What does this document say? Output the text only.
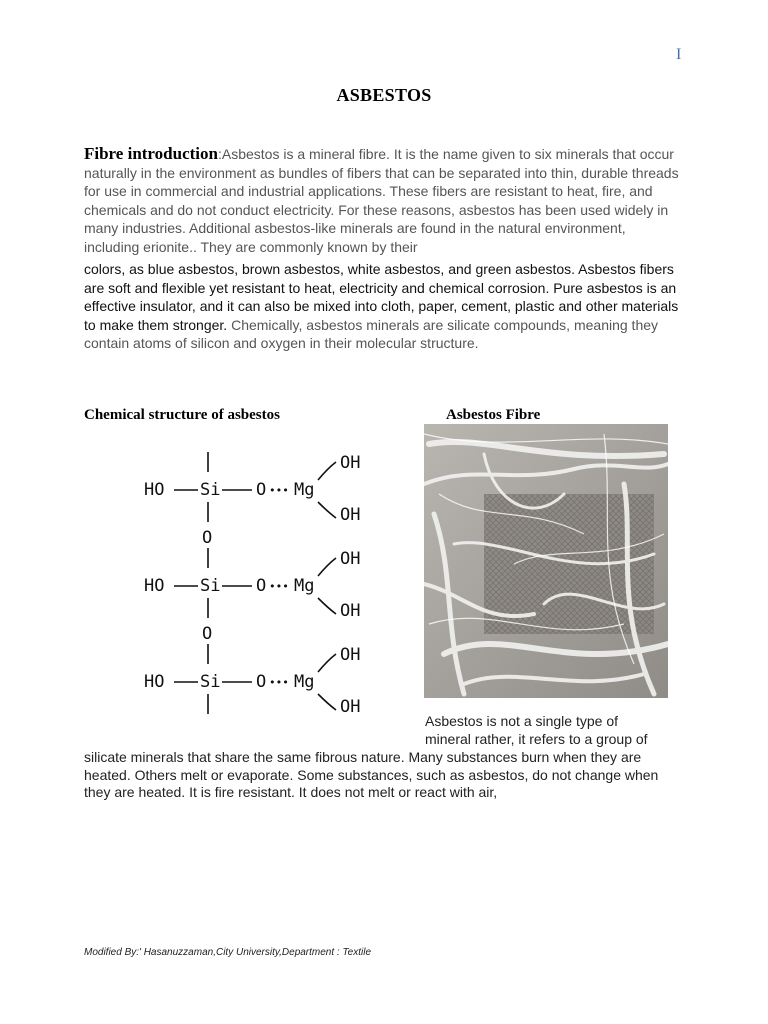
I
ASBESTOS
Fibre introduction:Asbestos is a mineral fibre. It is the name given to six minerals that occur naturally in the environment as bundles of fibers that can be separated into thin, durable threads for use in commercial and industrial applications. These fibers are resistant to heat, fire, and chemicals and do not conduct electricity. For these reasons, asbestos has been used widely in many industries. Additional asbestos-like minerals are found in the natural environment, including erionite.. They are commonly known by their
colors, as blue asbestos, brown asbestos, white asbestos, and green asbestos. Asbestos fibers are soft and flexible yet resistant to heat, electricity and chemical corrosion. Pure asbestos is an effective insulator, and it can also be mixed into cloth, paper, cement, plastic and other materials to make them stronger. Chemically, asbestos minerals are silicate compounds, meaning they contain atoms of silicon and oxygen in their molecular structure.
Chemical structure of asbestos	Asbestos Fibre
HO Si O ••• Mg
OH
OH
O
HO Si O ••• Mg
OH
OH
O
HO Si O ••• Mg
OH
OH
Asbestos is not a single type of mineral rather, it refers to a group of
silicate minerals that share the same fibrous nature. Many substances burn when they are heated. Others melt or evaporate. Some substances, such as asbestos, do not change when they are heated. It is fire resistant. It does not melt or react with air,
Modified By:' Hasanuzzaman,City University,Department : Textile
